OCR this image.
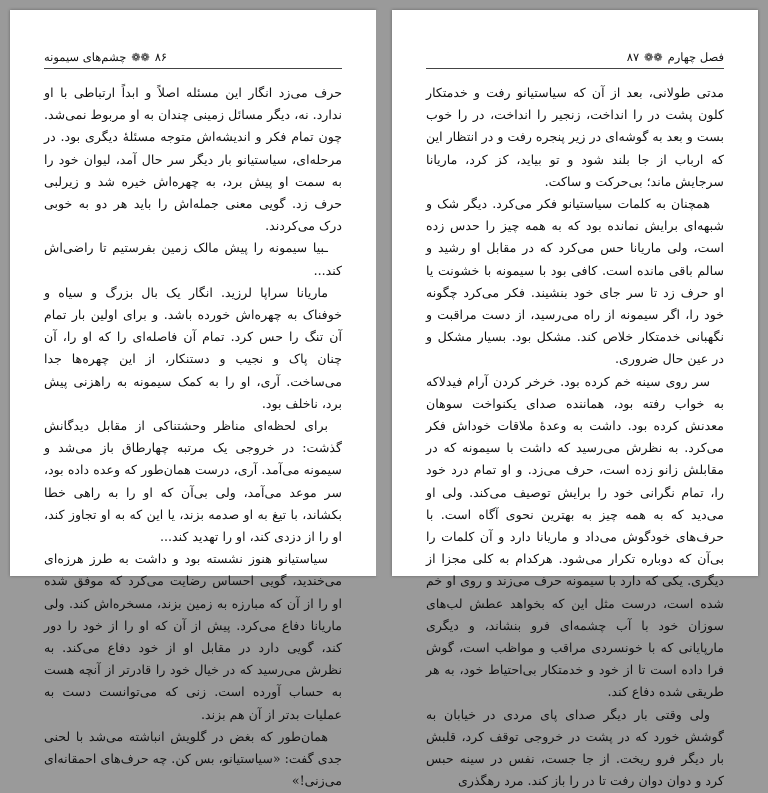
۸۶
❁❁
چشم‌های سیمونه

حرف می‌زد انگار این مسئله اصلاً و ابداً ارتباطی با او ندارد. نه، دیگر مسائل زمینی چندان به او مربوط نمی‌شد. چون تمام فکر و اندیشه‌اش متوجه مسئلهٔ دیگری بود. در مرحله‌ای، سیاستیانو بار دیگر سر حال آمد، لیوان خود را به سمت او پیش برد، به چهره‌اش خیره شد و زیرلبی حرف زد. گویی معنی جمله‌اش را باید هر دو به خوبی درک می‌کردند.

ـبیا سیمونه را پیش مالک زمین بفرستیم تا راضی‌اش کند...

ماریانا سراپا لرزید. انگار یک بال بزرگ و سیاه و خوفناک به چهره‌اش خورده باشد. و برای اولین بار تمام آن تنگ را حس کرد. تمام آن فاصله‌ای را که او را، آن چنان پاک و نجیب و دستنکار، از این چهره‌ها جدا می‌ساخت. آری، او را به کمک سیمونه به راهزنی پیش برد، ناخلف بود.

برای لحظه‌ای مناظر وحشتناکی از مقابل دیدگانش گذشت: در خروجی یک مرتبه چهارطاق باز می‌شد و سیمونه می‌آمد. آری، درست همان‌طور که وعده داده بود، سر موعد می‌آمد، ولی بی‌آن که او را به راهی خطا بکشاند، با تیغ به او صدمه بزند، یا این که به او تجاوز کند، او را از دزدی کند، او را تهدید کند...

سیاستیانو هنوز نشسته بود و داشت به طرز هرزه‌ای می‌خندید، گویی احساس رضایت می‌کرد که موفق شده او را از آن که مبارزه به زمین بزند، مسخره‌اش کند. ولی ماریانا دفاع می‌کرد. پیش از آن که او را از خود را دور کند، گویی دارد در مقابل او از خود دفاع می‌کند. به نظرش می‌رسید که در خیال خود را قادرتر از آنچه هست به حساب آورده است. زنی که می‌توانست دست به عملیات بدتر از آن هم بزند.

همان‌طور که بغض در گلویش انباشته می‌شد با لحنی جدی گفت: «سیاستیانو، بس کن. چه حرف‌های احمقانه‌ای می‌زنی!»

فصل چهارم
❁❁
۸۷

مدتی طولانی، بعد از آن که سیاستیانو رفت و خدمتکار کلون پشت در را انداخت، زنجیر را انداخت، در را خوب بست و بعد به گوشه‌ای در زیر پنجره رفت و در انتظار این که ارباب از جا بلند شود و تو بیاید، کز کرد، ماریانا سرجایش ماند؛ بی‌حرکت و ساکت.

همچنان به کلمات سیاستیانو فکر می‌کرد. دیگر شک و شبهه‌ای برایش نمانده بود که به همه چیز را حدس زده است، ولی ماریانا حس می‌کرد که در مقابل او رشید و سالم باقی مانده است. کافی بود با سیمونه با خشونت یا او حرف زد تا سر جای خود بنشیند. فکر می‌کرد چگونه خود را، اگر سیمونه از راه می‌رسید، از دست مراقبت و نگهبانی خدمتکار خلاص کند. مشکل بود. بسیار مشکل و در عین حال ضروری.

سر روی سینه خم کرده بود. خرخر کردن آرام فیدلاکه به خواب رفته بود، هماننده صدای یکنواخت سوهان معدنش کرده بود. داشت به وعدهٔ ملاقات خوداش فکر می‌کرد. به نظرش می‌رسید که داشت با سیمونه که در مقابلش زانو زده است، حرف می‌زد. و او تمام درد خود را، تمام نگرانی خود را برایش توصیف می‌کند. ولی او می‌دید که به همه چیز به بهترین نحوی آگاه است. با حرف‌های خودگوش می‌داد و ماریانا دارد و آن کلمات را بی‌آن که دوباره تکرار می‌شود. هرکدام به کلی مجزا از دیگری. یکی که دارد با سیمونه حرف می‌زند و روی او خم شده است، درست مثل این که بخواهد عطش لب‌های سوزان خود با آب چشمه‌ای فرو بنشاند، و دیگری مارپایانی که با خونسردی مراقب و مواظب است، گوش فرا داده است تا از خود و خدمتکار بی‌احتیاط خود، به هر طریقی شده دفاع کند.

ولی وقتی بار دیگر صدای پای مردی در خیابان به گوشش خورد که در پشت در خروجی توقف کرد، قلبش بار دیگر فرو ریخت. از جا جست، نفس در سینه حبس کرد و دوان دوان رفت تا در را باز کند. مرد رهگذری
